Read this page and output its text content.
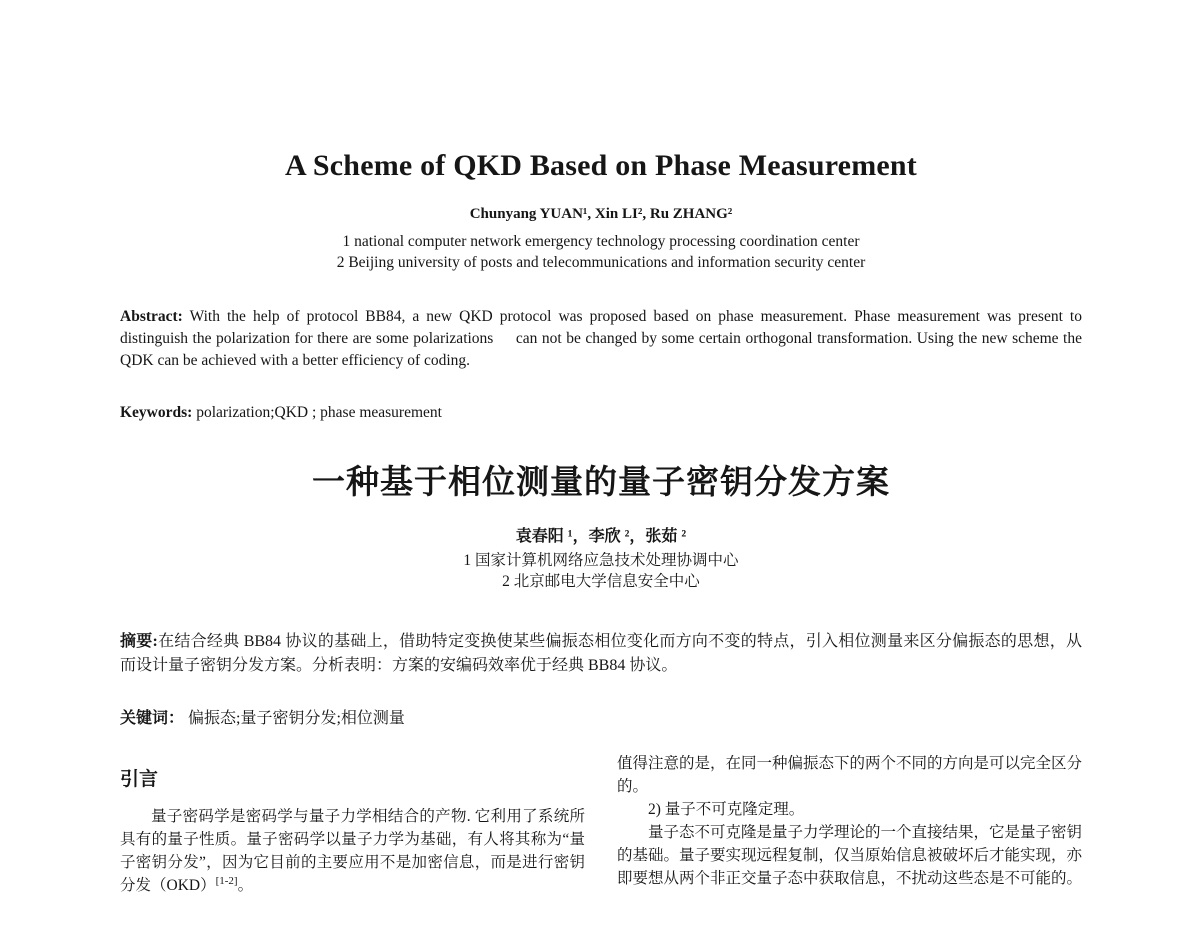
A Scheme of QKD Based on Phase Measurement

Chunyang YUAN¹, Xin LI², Ru ZHANG²

1 national computer network emergency technology processing coordination center

2 Beijing university of posts and telecommunications and information security center

Abstract: With the help of protocol BB84, a new QKD protocol was proposed based on phase measurement. Phase measurement was present to distinguish the polarization for there are some polarizations     can not be changed by some certain orthogonal transformation. Using the new scheme the QDK can be achieved with a better efficiency of coding.

Keywords: polarization;QKD ; phase measurement

一种基于相位测量的量子密钥分发方案

袁春阳 ¹，李欣 ²，张茹 ²

1 国家计算机网络应急技术处理协调中心

2 北京邮电大学信息安全中心

摘要:在结合经典 BB84 协议的基础上，借助特定变换使某些偏振态相位变化而方向不变的特点，引入相位测量来区分偏振态的思想，从而设计量子密钥分发方案。分析表明：方案的安编码效率优于经典 BB84 协议。

关键词： 偏振态;量子密钥分发;相位测量

引言

量子密码学是密码学与量子力学相结合的产物. 它利用了系统所具有的量子性质。量子密码学以量子力学为基础，有人将其称为“量子密钥分发”，因为它目前的主要应用不是加密信息，而是进行密钥分发（OKD）[1-2]。

值得注意的是，在同一种偏振态下的两个不同的方向是可以完全区分的。

2) 量子不可克隆定理。

量子态不可克隆是量子力学理论的一个直接结果，它是量子密钥的基础。量子要实现远程复制，仅当原始信息被破坏后才能实现，亦即要想从两个非正交量子态中获取信息，不扰动这些态是不可能的。
